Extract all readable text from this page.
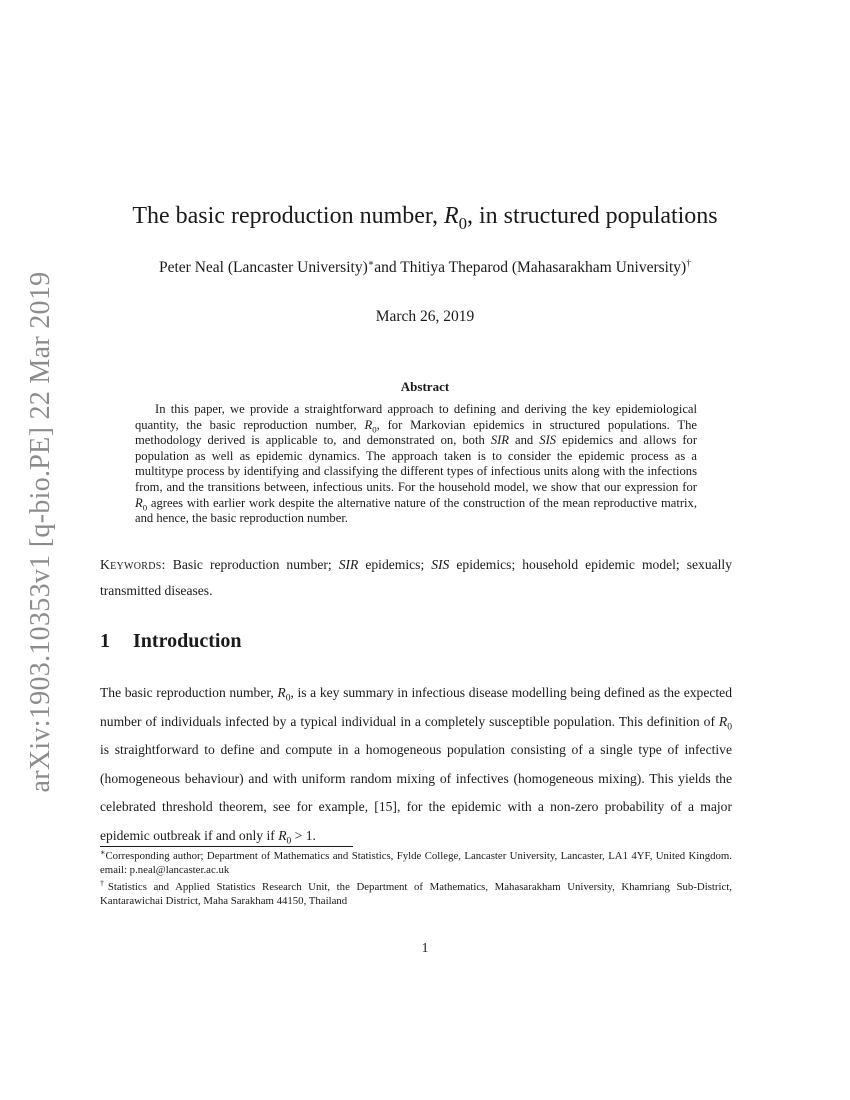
arXiv:1903.10353v1 [q-bio.PE] 22 Mar 2019
The basic reproduction number, $R_0$, in structured populations
Peter Neal (Lancaster University)∗and Thitiya Theparod (Mahasarakham University)†
March 26, 2019
Abstract

In this paper, we provide a straightforward approach to defining and deriving the key epidemiological quantity, the basic reproduction number, $R_0$, for Markovian epidemics in structured populations. The methodology derived is applicable to, and demonstrated on, both SIR and SIS epidemics and allows for population as well as epidemic dynamics. The approach taken is to consider the epidemic process as a multitype process by identifying and classifying the different types of infectious units along with the infections from, and the transitions between, infectious units. For the household model, we show that our expression for $R_0$ agrees with earlier work despite the alternative nature of the construction of the mean reproductive matrix, and hence, the basic reproduction number.

Keywords: Basic reproduction number; SIR epidemics; SIS epidemics; household epidemic model; sexually transmitted diseases.

1 Introduction

The basic reproduction number, $R_0$, is a key summary in infectious disease modelling being defined as the expected number of individuals infected by a typical individual in a completely susceptible population. This definition of $R_0$ is straightforward to define and compute in a homogeneous population consisting of a single type of infective (homogeneous behaviour) and with uniform random mixing of infectives (homogeneous mixing). This yields the celebrated threshold theorem, see for example, [15], for the epidemic with a non-zero probability of a major epidemic outbreak if and only if $R_0 > 1$.

∗Corresponding author; Department of Mathematics and Statistics, Fylde College, Lancaster University, Lancaster, LA1 4YF, United Kingdom. email: p.neal@lancaster.ac.uk

†Statistics and Applied Statistics Research Unit, the Department of Mathematics, Mahasarakham University, Khamriang Sub-District, Kantarawichai District, Maha Sarakham 44150, Thailand

1
